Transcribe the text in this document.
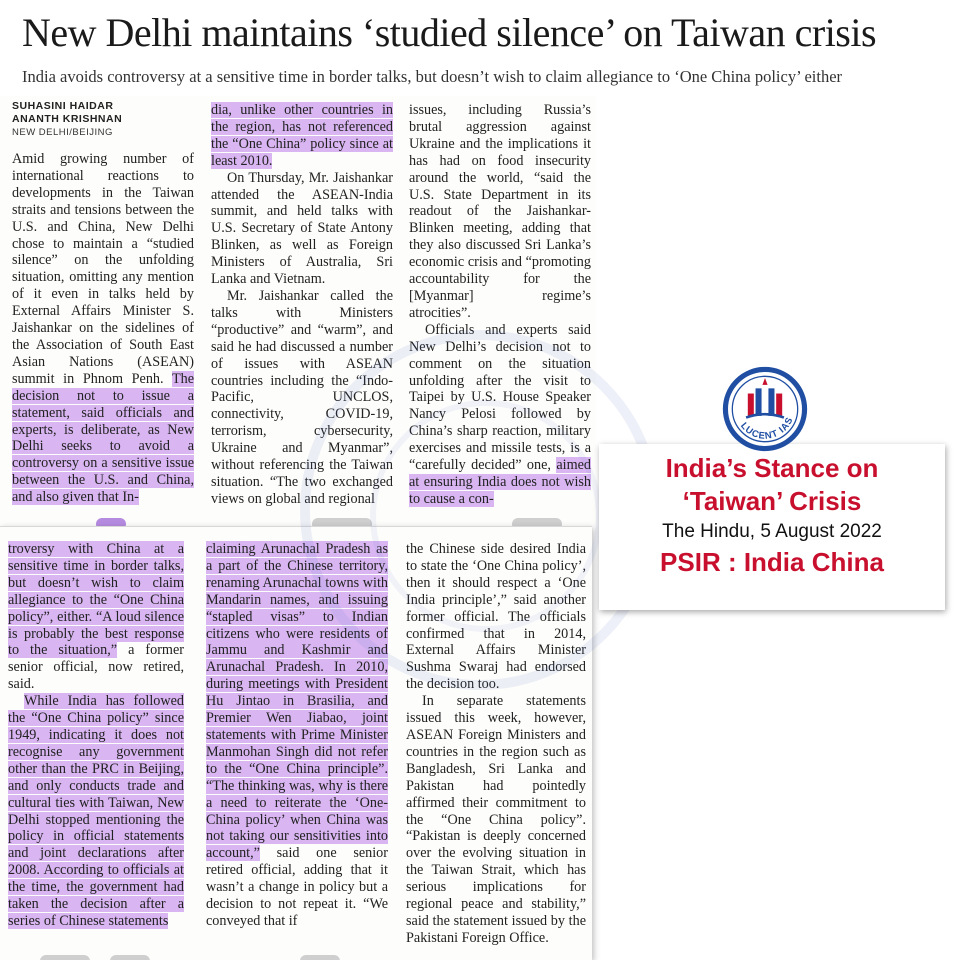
New Delhi maintains ‘studied silence’ on Taiwan crisis
India avoids controversy at a sensitive time in border talks, but doesn’t wish to claim allegiance to ‘One China policy’ either
SUHASINI HAIDAR
ANANTH KRISHNAN
NEW DELHI/BEIJING

Amid growing number of international reactions to developments in the Taiwan straits and tensions between the U.S. and China, New Delhi chose to maintain a “studied silence” on the unfolding situation, omitting any mention of it even in talks held by External Affairs Minister S. Jaishankar on the sidelines of the Association of South East Asian Nations (ASEAN) summit in Phnom Penh. The decision not to issue a statement, said officials and experts, is deliberate, as New Delhi seeks to avoid a controversy on a sensitive issue between the U.S. and China, and also given that In-

dia, unlike other countries in the region, has not referenced the “One China” policy since at least 2010.

On Thursday, Mr. Jaishankar attended the ASEAN-India summit, and held talks with U.S. Secretary of State Antony Blinken, as well as Foreign Ministers of Australia, Sri Lanka and Vietnam.

Mr. Jaishankar called the talks with Ministers “productive” and “warm”, and said he had discussed a number of issues with ASEAN countries including the “Indo-Pacific, UNCLOS, connectivity, COVID-19, terrorism, cybersecurity, Ukraine and Myanmar”, without referencing the Taiwan situation. “The two exchanged views on global and regional

issues, including Russia’s brutal aggression against Ukraine and the implications it has had on food insecurity around the world, “said the U.S. State Department in its readout of the Jaishankar-Blinken meeting, adding that they also discussed Sri Lanka’s economic crisis and “promoting accountability for the [Myanmar] regime’s atrocities”.

Officials and experts said New Delhi’s decision not to comment on the situation unfolding after the visit to Taipei by U.S. House Speaker Nancy Pelosi followed by China’s sharp reaction, military exercises and missile tests, is a “carefully decided” one, aimed at ensuring India does not wish to cause a con-

troversy with China at a sensitive time in border talks, but doesn’t wish to claim allegiance to the “One China policy”, either. “A loud silence is probably the best response to the situation,” a former senior official, now retired, said.

While India has followed the “One China policy” since 1949, indicating it does not recognise any government other than the PRC in Beijing, and only conducts trade and cultural ties with Taiwan, New Delhi stopped mentioning the policy in official statements and joint declarations after 2008. According to officials at the time, the government had taken the decision after a series of Chinese statements

claiming Arunachal Pradesh as a part of the Chinese territory, renaming Arunachal towns with Mandarin names, and issuing “stapled visas” to Indian citizens who were residents of Jammu and Kashmir and Arunachal Pradesh. In 2010, during meetings with President Hu Jintao in Brasilia, and Premier Wen Jiabao, joint statements with Prime Minister Manmohan Singh did not refer to the “One China principle”. “The thinking was, why is there a need to reiterate the ‘One-China policy’ when China was not taking our sensitivities into account,” said one senior retired official, adding that it wasn’t a change in policy but a decision to not repeat it. “We conveyed that if

the Chinese side desired India to state the ‘One China policy’, then it should respect a ‘One India principle’,” said another former official. The officials confirmed that in 2014, External Affairs Minister Sushma Swaraj had endorsed the decision too.

In separate statements issued this week, however, ASEAN Foreign Ministers and countries in the region such as Bangladesh, Sri Lanka and Pakistan had pointedly affirmed their commitment to the “One China policy”. “Pakistan is deeply concerned over the evolving situation in the Taiwan Strait, which has serious implications for regional peace and stability,” said the statement issued by the Pakistani Foreign Office.

LUCENT IAS
India’s Stance on
‘Taiwan’ Crisis
The Hindu, 5 August 2022
PSIR : India China
